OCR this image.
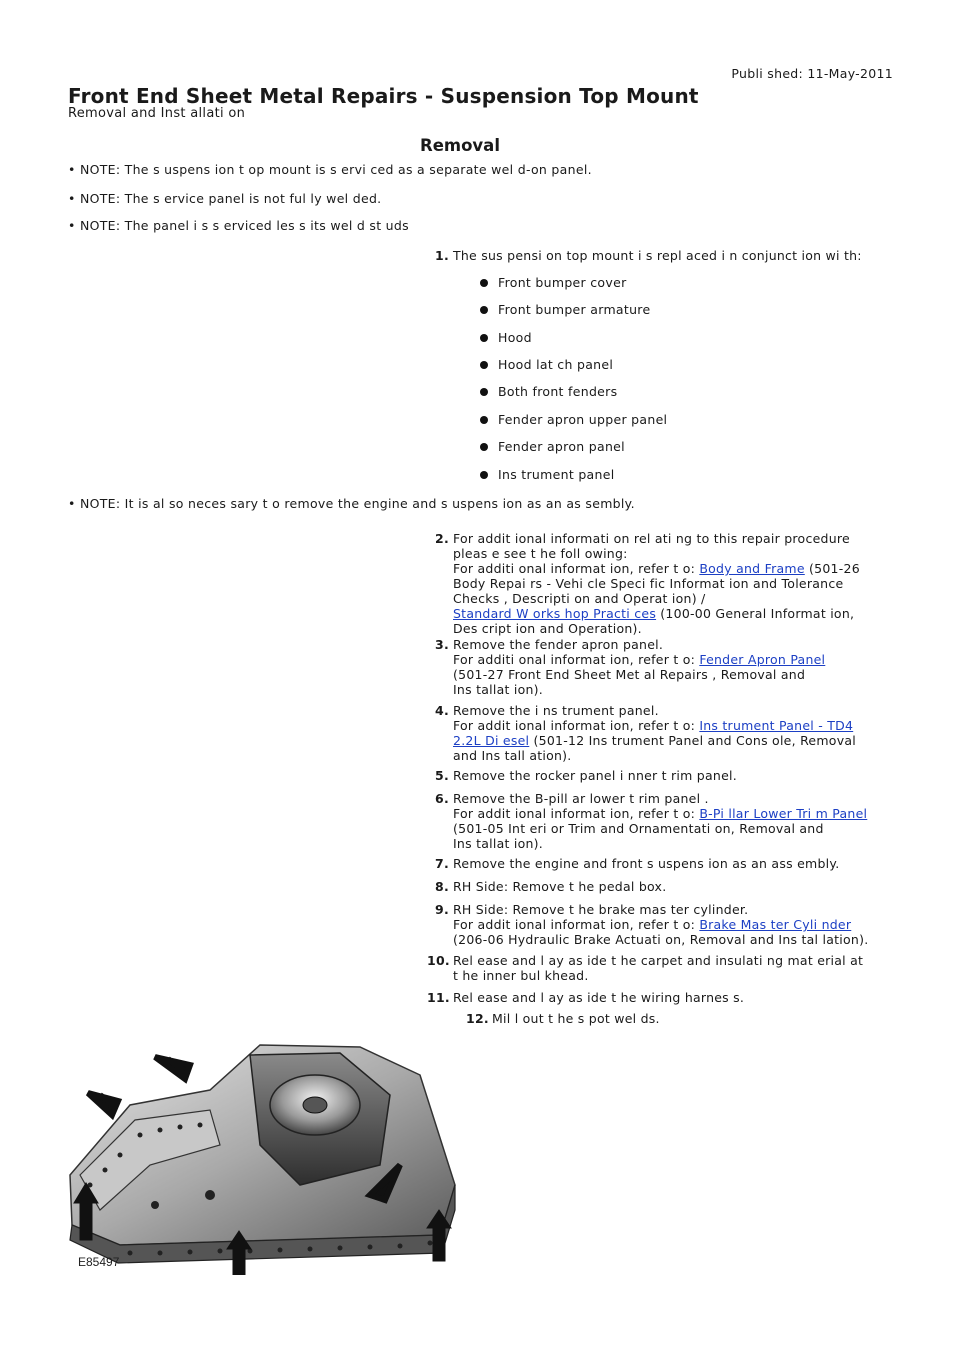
Publi shed: 11-May-2011
Front End Sheet Metal Repairs - Suspension Top Mount
Removal and Inst allati on
Removal
• NOTE: The s uspens ion t op mount is s ervi ced as a separate wel d-on panel.
• NOTE: The s ervice panel is not ful ly wel ded.
• NOTE: The panel i s s erviced les s its wel d st uds
1. The sus pensi on top mount i s repl aced i n conjunct ion wi th:
Front bumper cover
Front bumper armature
Hood
Hood lat ch panel
Both front fenders
Fender apron upper panel
Fender apron panel
Ins trument panel
• NOTE: It is al so neces sary t o remove the engine and s uspens ion as an as sembly.
2. For addit ional informati on rel ati ng to this repair procedure
pleas e see t he foll owing:
For additi onal informat ion, refer t o: Body and Frame (501-26
Body Repai rs - Vehi cle Speci fic Informat ion and Tolerance
Checks , Descripti on and Operat ion) /
Standard W orks hop Practi ces (100-00 General Informat ion,
Des cript ion and Operation).
3. Remove the fender apron panel.
For additi onal informat ion, refer t o: Fender Apron Panel
(501-27 Front End Sheet Met al Repairs , Removal and
Ins tallat ion).
4. Remove the i ns trument panel.
For addit ional informat ion, refer t o: Ins trument Panel - TD4
2.2L Di esel (501-12 Ins trument Panel and Cons ole, Removal
and Ins tall ation).
5. Remove the rocker panel i nner t rim panel.
6. Remove the B-pill ar lower t rim panel .
For addit ional informat ion, refer t o: B-Pi llar Lower Tri m Panel
(501-05 Int eri or Trim and Ornamentati on, Removal and
Ins tallat ion).
7. Remove the engine and front s uspens ion as an ass embly.
8. RH Side: Remove t he pedal box.
9. RH Side: Remove t he brake mas ter cylinder.
For addit ional informat ion, refer t o: Brake Mas ter Cyli nder
(206-06 Hydraulic Brake Actuati on, Removal and Ins tal lation).
10. Rel ease and l ay as ide t he carpet and insulati ng mat erial at
t he inner bul khead.
11. Rel ease and l ay as ide t he wiring harnes s.
12. Mil l out t he s pot wel ds.
E85497
